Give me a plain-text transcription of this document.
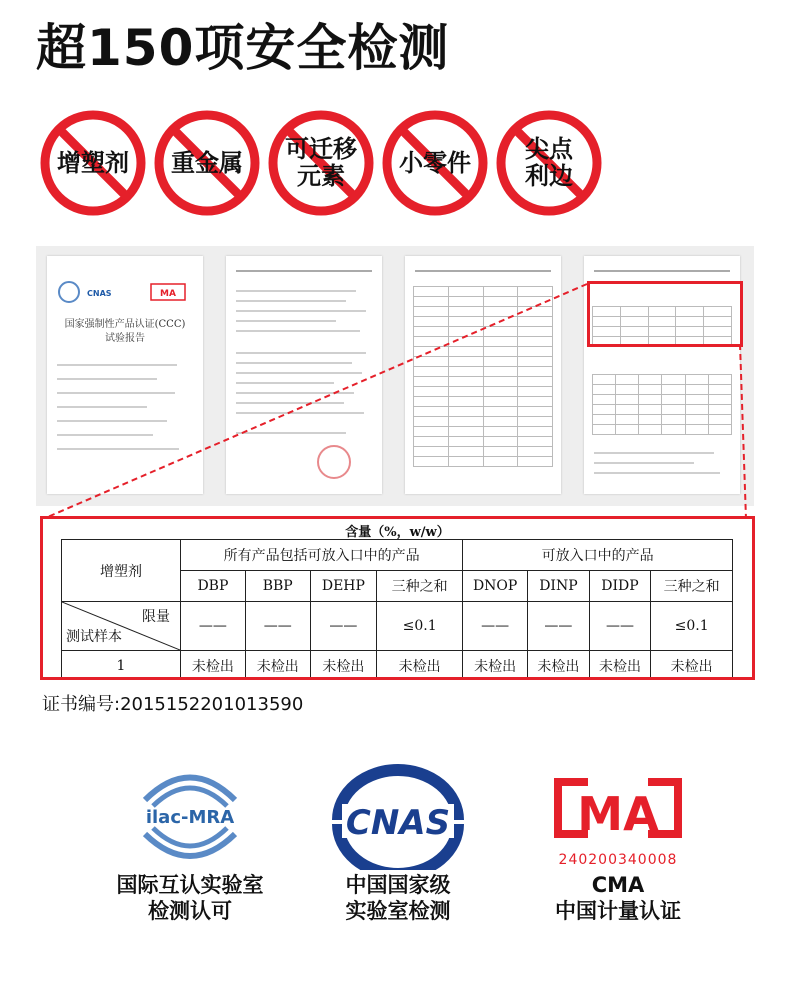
超150项安全检测
增塑剂 重金属 可迁移
元素	小零件 尖点
利边
CNAS	MA
国家强制性产品认证(CCC)
试验报告

增塑剂	所有产品包括可放入口中的产品				可放入口中的产品			
	DBP	BBP	DEHP	三种之和	DNOP	DINP	DIDP	三种之和

限量
测试样本	——	——	——	≤0.1	——	——	——	≤0.1
1	未检出	未检出	未检出	未检出	未检出	未检出	未检出	未检出
含量（%，w/w）
证书编号:2015152201013590
ilac-MRA
国际互认实验室
检测认可
CNAS
中国国家级
实验室检测
MA
240200340008
CMA
中国计量认证
